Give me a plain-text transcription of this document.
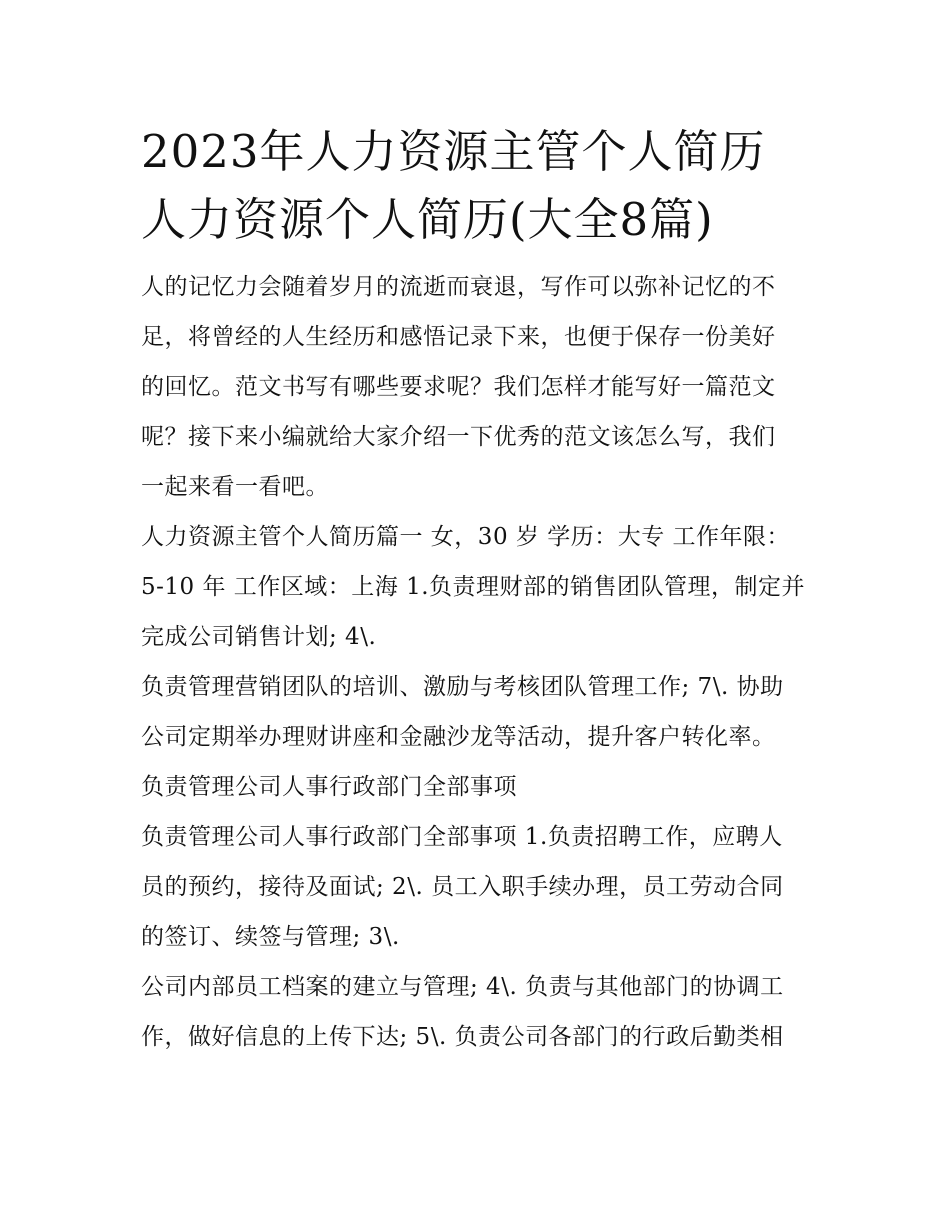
2023年人力资源主管个人简历
人力资源个人简历(大全8篇)

人的记忆力会随着岁月的流逝而衰退，写作可以弥补记忆的不
足，将曾经的人生经历和感悟记录下来，也便于保存一份美好
的回忆。范文书写有哪些要求呢？我们怎样才能写好一篇范文
呢？接下来小编就给大家介绍一下优秀的范文该怎么写，我们
一起来看一看吧。

人力资源主管个人简历篇一 女，30 岁 学历：大专 工作年限：
5-10 年 工作区域：上海 1.负责理财部的销售团队管理，制定并
完成公司销售计划; 4\.

负责管理营销团队的培训、激励与考核团队管理工作; 7\. 协助
公司定期举办理财讲座和金融沙龙等活动，提升客户转化率。

负责管理公司人事行政部门全部事项

负责管理公司人事行政部门全部事项 1.负责招聘工作，应聘人
员的预约，接待及面试; 2\. 员工入职手续办理，员工劳动合同
的签订、续签与管理; 3\.

公司内部员工档案的建立与管理; 4\. 负责与其他部门的协调工
作，做好信息的上传下达; 5\. 负责公司各部门的行政后勤类相
